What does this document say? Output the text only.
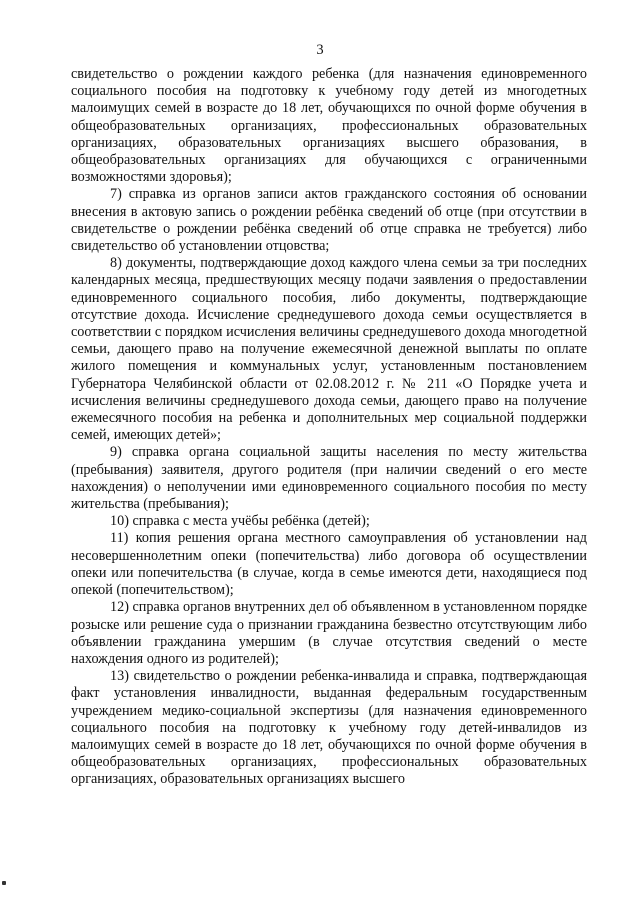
3

свидетельство о рождении каждого ребенка (для назначения единовременного социального пособия на подготовку к учебному году детей из многодетных малоимущих семей в возрасте до 18 лет, обучающихся по очной форме обучения в общеобразовательных организациях, профессиональных образовательных организациях, образовательных организациях высшего образования, в общеобразовательных организациях для обучающихся с ограниченными возможностями здоровья);

7) справка из органов записи актов гражданского состояния об основании внесения в актовую запись о рождении ребёнка сведений об отце (при отсутствии в свидетельстве о рождении ребёнка сведений об отце справка не требуется) либо свидетельство об установлении отцовства;

8) документы, подтверждающие доход каждого члена семьи за три последних календарных месяца, предшествующих месяцу подачи заявления о предоставлении единовременного социального пособия, либо документы, подтверждающие отсутствие дохода. Исчисление среднедушевого дохода семьи осуществляется в соответствии с порядком исчисления величины среднедушевого дохода многодетной семьи, дающего право на получение ежемесячной денежной выплаты по оплате жилого помещения и коммунальных услуг, установленным постановлением Губернатора Челябинской области от 02.08.2012 г. № 211 «О Порядке учета и исчисления величины среднедушевого дохода семьи, дающего право на получение ежемесячного пособия на ребенка и дополнительных мер социальной поддержки семей, имеющих детей»;

9) справка органа социальной защиты населения по месту жительства (пребывания) заявителя, другого родителя (при наличии сведений о его месте нахождения) о неполучении ими единовременного социального пособия по месту жительства (пребывания);

10) справка с места учёбы ребёнка (детей);

11) копия решения органа местного самоуправления об установлении над несовершеннолетним опеки (попечительства) либо договора об осуществлении опеки или попечительства (в случае, когда в семье имеются дети, находящиеся под опекой (попечительством);

12) справка органов внутренних дел об объявленном в установленном порядке розыске или решение суда о признании гражданина безвестно отсутствующим либо объявлении гражданина умершим (в случае отсутствия сведений о месте нахождения одного из родителей);

13) свидетельство о рождении ребенка-инвалида и справка, подтверждающая факт установления инвалидности, выданная федеральным государственным учреждением медико-социальной экспертизы (для назначения единовременного социального пособия на подготовку к учебному году детей-инвалидов из малоимущих семей в возрасте до 18 лет, обучающихся по очной форме обучения в общеобразовательных организациях, профессиональных образовательных организациях, образовательных организациях высшего
